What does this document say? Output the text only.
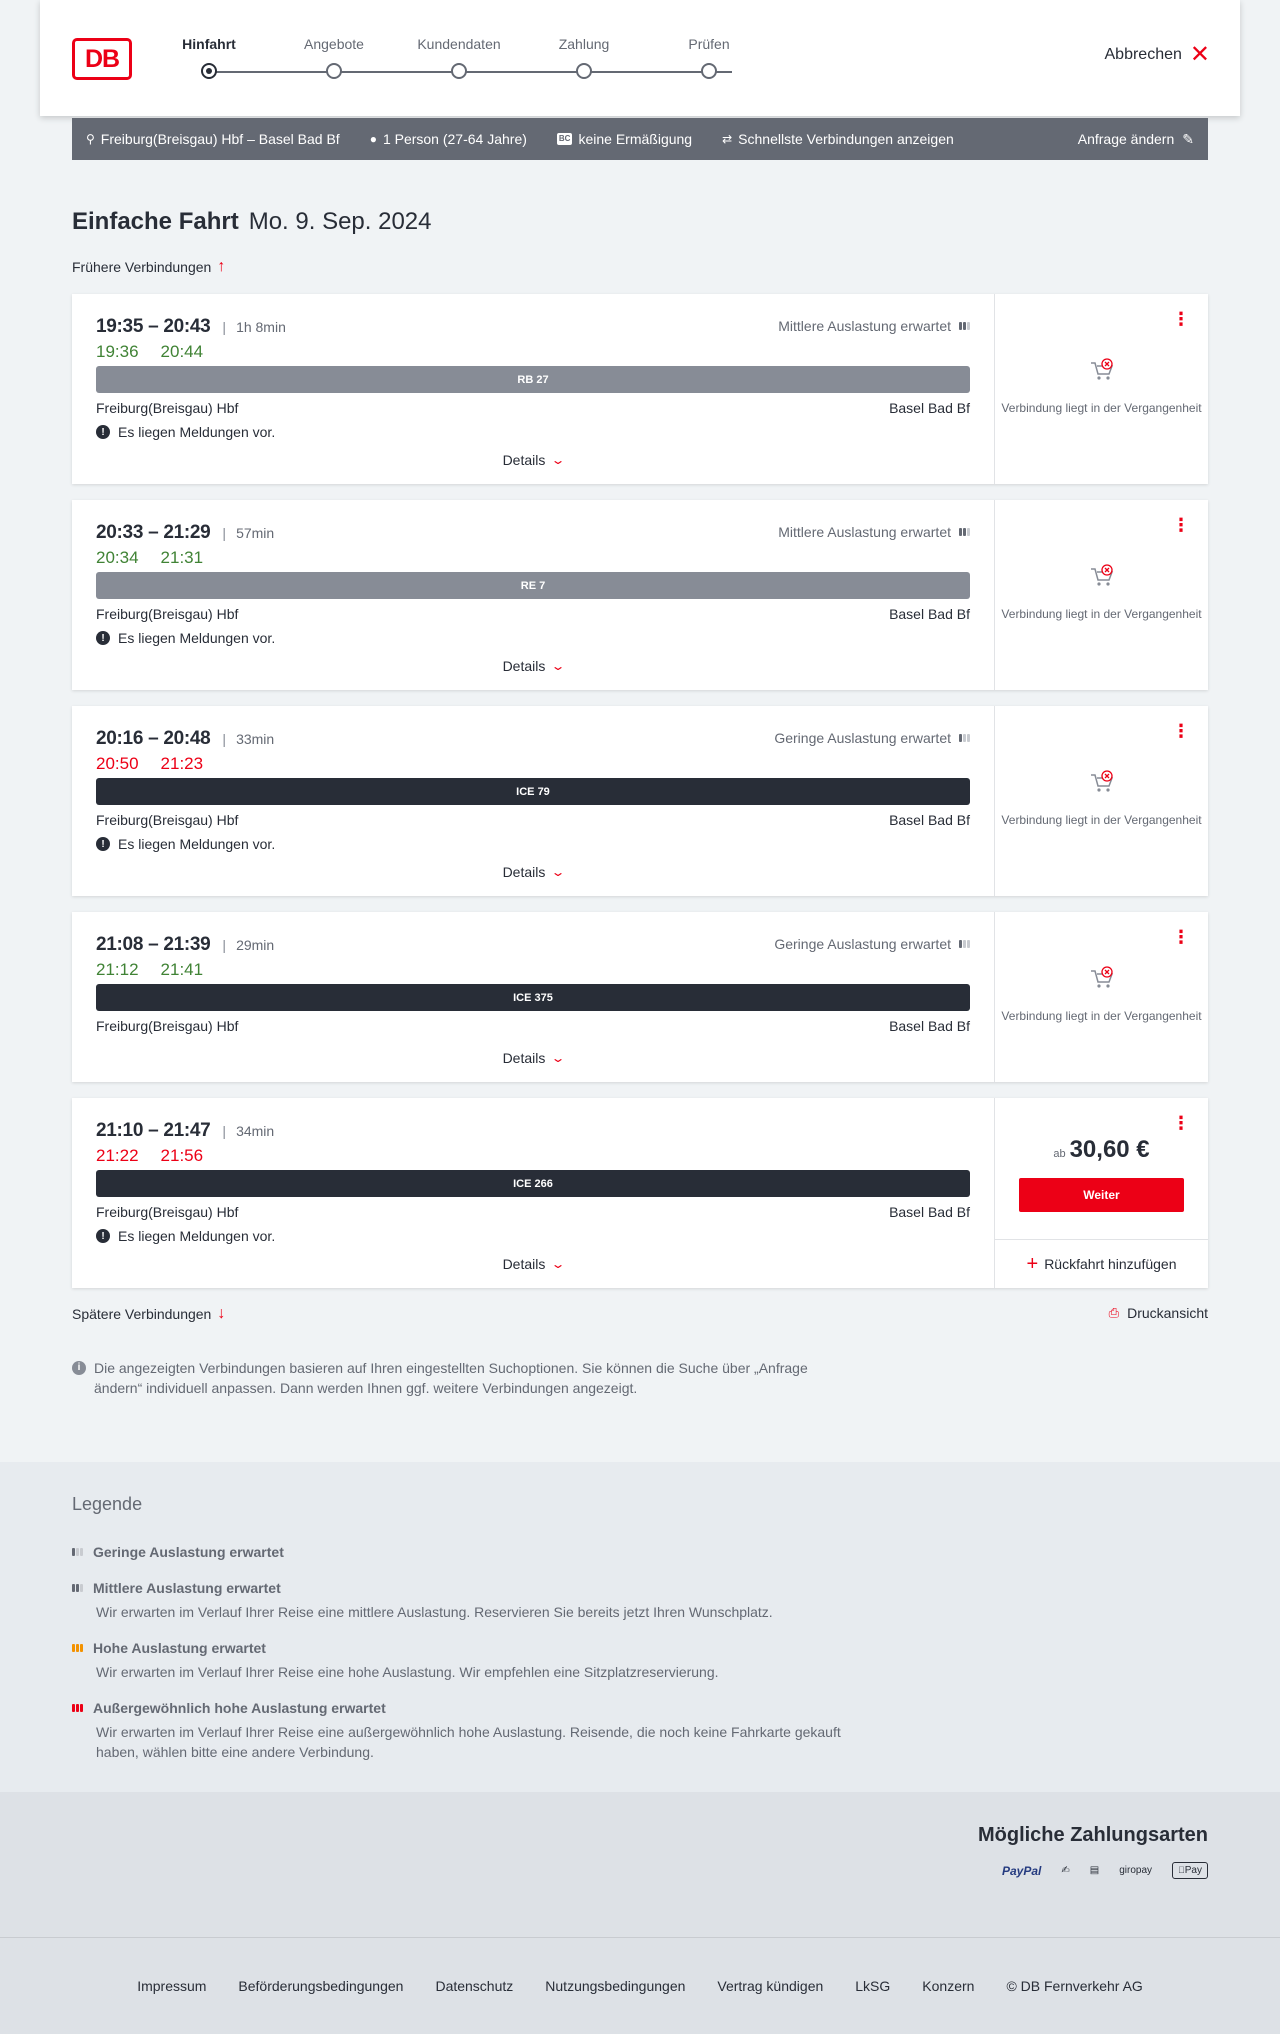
DB
Hinfahrt	Angebote	Kundendaten	Zahlung	Prüfen
Abbrechen ✕
⚲ Freiburg(Breisgau) Hbf – Basel Bad Bf	● 1 Person (27-64 Jahre)	BC keine Ermäßigung	⇄ Schnellste Verbindungen anzeigen	Anfrage ändern ✎
Einfache Fahrt Mo. 9. Sep. 2024
Frühere Verbindungen ↑
19:35 – 20:43 | 1h 8min
19:36 20:44
Mittlere Auslastung erwartet
RB 27
Freiburg(Breisgau) Hbf	Basel Bad Bf
! Es liegen Meldungen vor.
Details ⌄
⋮
Verbindung liegt in der Vergangenheit
20:33 – 21:29 | 57min
20:34 21:31
Mittlere Auslastung erwartet
RE 7
Freiburg(Breisgau) Hbf	Basel Bad Bf
! Es liegen Meldungen vor.
Details ⌄
⋮
Verbindung liegt in der Vergangenheit
20:16 – 20:48 | 33min
20:50 21:23
Geringe Auslastung erwartet
ICE 79
Freiburg(Breisgau) Hbf	Basel Bad Bf
! Es liegen Meldungen vor.
Details ⌄
⋮
Verbindung liegt in der Vergangenheit
21:08 – 21:39 | 29min
21:12 21:41
Geringe Auslastung erwartet
ICE 375
Freiburg(Breisgau) Hbf	Basel Bad Bf
Details ⌄
⋮
Verbindung liegt in der Vergangenheit
21:10 – 21:47 | 34min
21:22 21:56
ICE 266
Freiburg(Breisgau) Hbf	Basel Bad Bf
! Es liegen Meldungen vor.
Details ⌄
⋮
ab 30,60 €
Weiter
+ Rückfahrt hinzufügen
Spätere Verbindungen ↓	⎙ Druckansicht
i Die angezeigten Verbindungen basieren auf Ihren eingestellten Suchoptionen. Sie können die Suche über „Anfrage ändern“ individuell anpassen. Dann werden Ihnen ggf. weitere Verbindungen angezeigt.
Legende
Geringe Auslastung erwartet
Mittlere Auslastung erwartet
Wir erwarten im Verlauf Ihrer Reise eine mittlere Auslastung. Reservieren Sie bereits jetzt Ihren Wunschplatz.
Hohe Auslastung erwartet
Wir erwarten im Verlauf Ihrer Reise eine hohe Auslastung. Wir empfehlen eine Sitzplatzreservierung.
Außergewöhnlich hohe Auslastung erwartet
Wir erwarten im Verlauf Ihrer Reise eine außergewöhnlich hohe Auslastung. Reisende, die noch keine Fahrkarte gekauft haben, wählen bitte eine andere Verbindung.
Mögliche Zahlungsarten
PayPal	✍	▤	giropay	Pay
Impressum Beförderungsbedingungen Datenschutz Nutzungsbedingungen Vertrag kündigen LkSG Konzern © DB Fernverkehr AG
